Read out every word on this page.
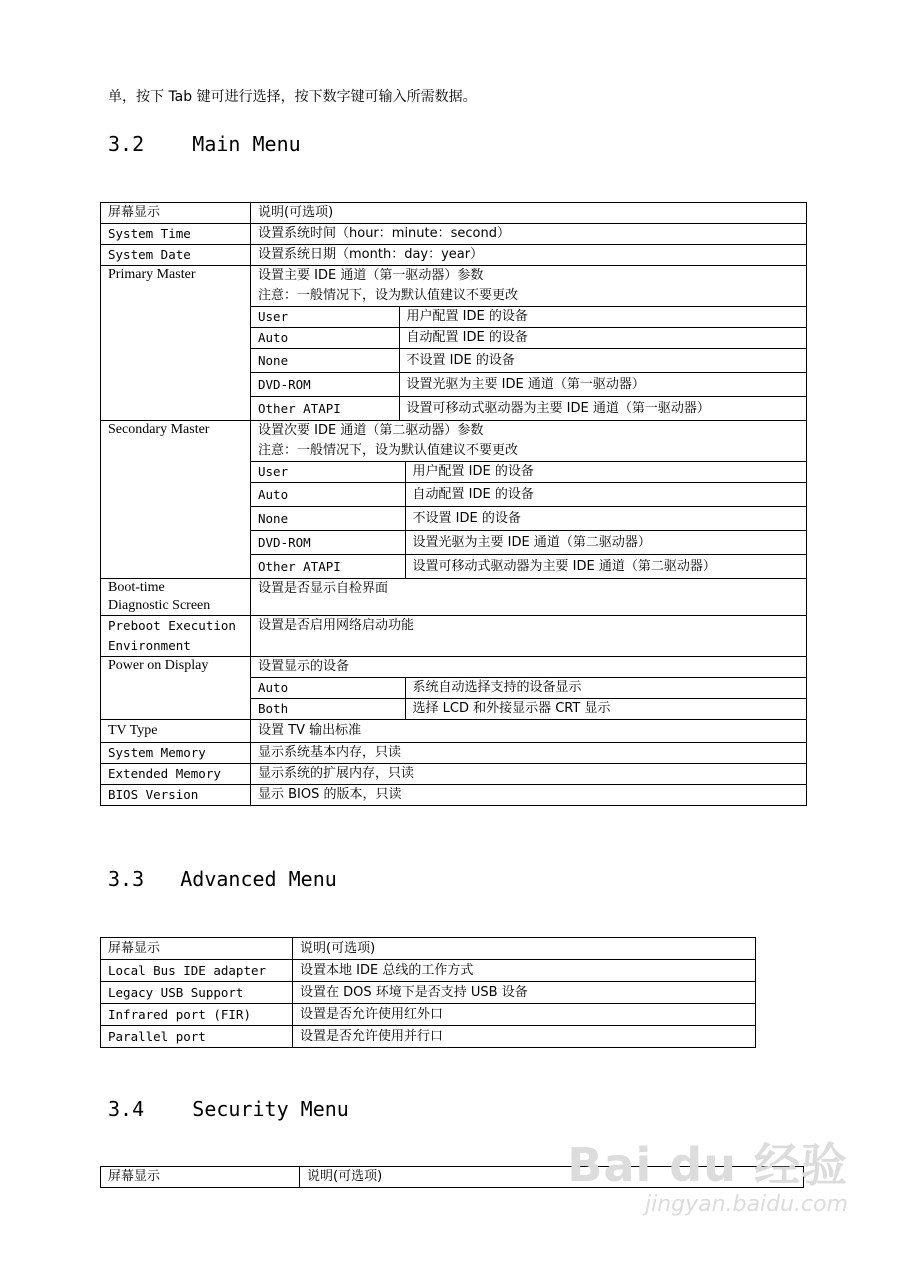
单，按下 Tab 键可进行选择，按下数字键可输入所需数据。
3.2    Main Menu
屏幕显示	说明(可选项)
System Time	设置系统时间（hour：minute：second）
System Date	设置系统日期（month：day：year）
Primary Master	设置主要 IDE 通道（第一驱动器）参数
注意：一般情况下，设为默认值建议不要更改
User	用户配置 IDE 的设备
Auto	自动配置 IDE 的设备
None	不设置 IDE 的设备
DVD-ROM	设置光驱为主要 IDE 通道（第一驱动器）
Other ATAPI	设置可移动式驱动器为主要 IDE 通道（第一驱动器）

Secondary Master	设置次要 IDE 通道（第二驱动器）参数
注意：一般情况下，设为默认值建议不要更改
User	用户配置 IDE 的设备
Auto	自动配置 IDE 的设备
None	不设置 IDE 的设备
DVD-ROM	设置光驱为主要 IDE 通道（第二驱动器）
Other ATAPI	设置可移动式驱动器为主要 IDE 通道（第二驱动器）

Boot-time
Diagnostic Screen
	设置是否显示自检界面

Preboot Execution
Environment
	设置是否启用网络启动功能
Power on Display	设置显示的设备
Auto	系统自动选择支持的设备显示
Both	选择 LCD 和外接显示器 CRT 显示

TV Type	设置 TV 输出标准
System Memory	显示系统基本内存，只读
Extended Memory	显示系统的扩展内存，只读
BIOS Version	显示 BIOS 的版本，只读
3.3   Advanced Menu
屏幕显示	说明(可选项)
Local Bus IDE adapter	设置本地 IDE 总线的工作方式
Legacy USB Support	设置在 DOS 环境下是否支持 USB 设备
Infrared port (FIR)	设置是否允许使用红外口
Parallel port	设置是否允许使用并行口
3.4    Security Menu
屏幕显示	说明(可选项)	Bai du 经验
jingyan.baidu.com
